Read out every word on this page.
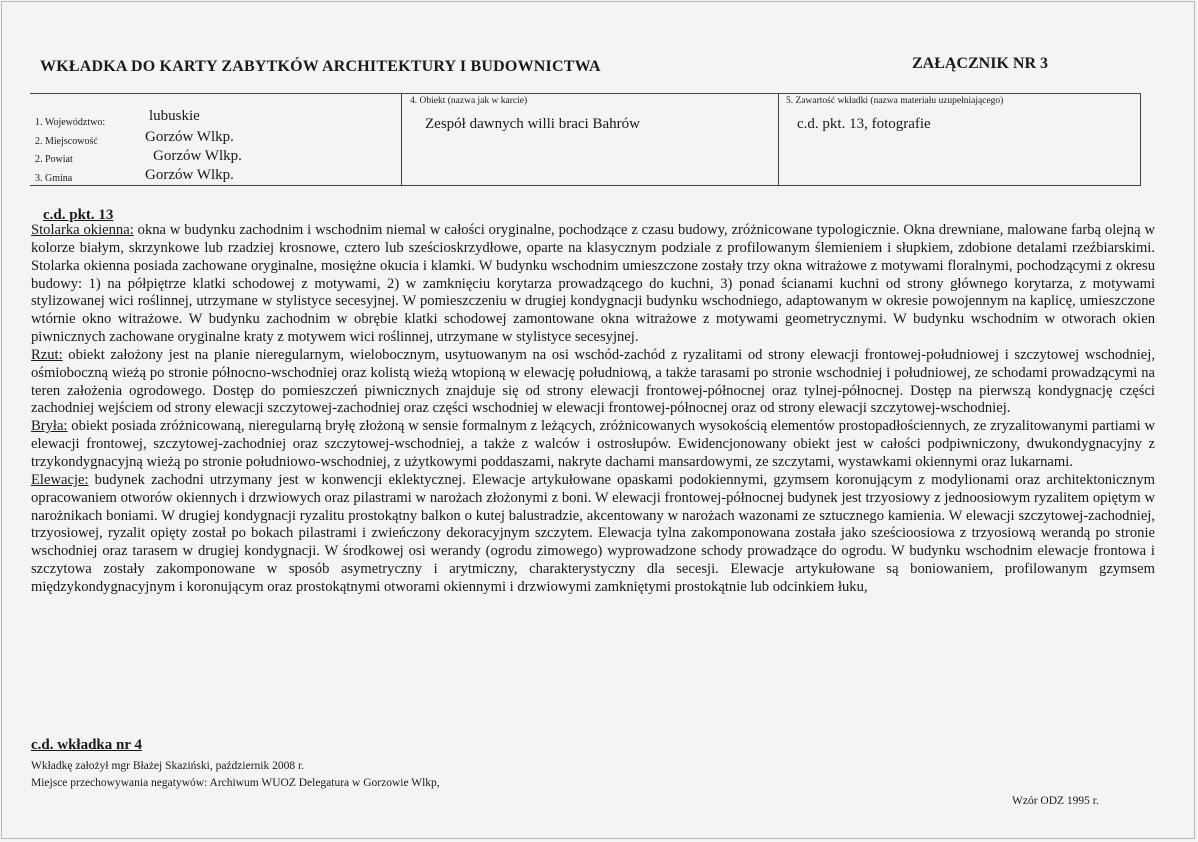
WKŁADKA DO KARTY ZABYTKÓW ARCHITEKTURY I BUDOWNICTWA	ZAŁĄCZNIK NR 3
1. Województwo:	lubuskie
2. Miejscowość	Gorzów Wlkp.
2. Powiat	Gorzów Wlkp.
3. Gmina	Gorzów Wlkp.
4. Obiekt (nazwa jak w karcie)
Zespół dawnych willi braci Bahrów
5. Zawartość wkładki (nazwa materiału uzupełniającego)
c.d. pkt. 13, fotografie
c.d. pkt. 13

Stolarka okienna: okna w budynku zachodnim i wschodnim niemal w całości oryginalne, pochodzące z czasu budowy, zróżnicowane typologicznie. Okna drewniane, malowane farbą olejną w kolorze białym, skrzynkowe lub rzadziej krosnowe, cztero lub sześcioskrzydłowe, oparte na klasycznym podziale z profilowanym ślemieniem i słupkiem, zdobione detalami rzeźbiarskimi. Stolarka okienna posiada zachowane oryginalne, mosiężne okucia i klamki. W budynku wschodnim umieszczone zostały trzy okna witrażowe z motywami floralnymi, pochodzącymi z okresu budowy: 1) na półpiętrze klatki schodowej z motywami, 2) w zamknięciu korytarza prowadzącego do kuchni, 3) ponad ścianami kuchni od strony głównego korytarza, z motywami stylizowanej wici roślinnej, utrzymane w stylistyce secesyjnej. W pomieszczeniu w drugiej kondygnacji budynku wschodniego, adaptowanym w okresie powojennym na kaplicę, umieszczone wtórnie okno witrażowe. W budynku zachodnim w obrębie klatki schodowej zamontowane okna witrażowe z motywami geometrycznymi. W budynku wschodnim w otworach okien piwnicznych zachowane oryginalne kraty z motywem wici roślinnej, utrzymane w stylistyce secesyjnej.

Rzut: obiekt założony jest na planie nieregularnym, wielobocznym, usytuowanym na osi wschód-zachód z ryzalitami od strony elewacji frontowej-południowej i szczytowej wschodniej, ośmioboczną wieżą po stronie północno-wschodniej oraz kolistą wieżą wtopioną w elewację południową, a także tarasami po stronie wschodniej i południowej, ze schodami prowadzącymi na teren założenia ogrodowego. Dostęp do pomieszczeń piwnicznych znajduje się od strony elewacji frontowej-północnej oraz tylnej-północnej. Dostęp na pierwszą kondygnację części zachodniej wejściem od strony elewacji szczytowej-zachodniej oraz części wschodniej w elewacji frontowej-północnej oraz od strony elewacji szczytowej-wschodniej.

Bryła: obiekt posiada zróżnicowaną, nieregularną bryłę złożoną w sensie formalnym z leżących, zróżnicowanych wysokością elementów prostopadłościennych, ze zryzalitowanymi partiami w elewacji frontowej, szczytowej-zachodniej oraz szczytowej-wschodniej, a także z walców i ostrosłupów. Ewidencjonowany obiekt jest w całości podpiwniczony, dwukondygnacyjny z trzykondygnacyjną wieżą po stronie południowo-wschodniej, z użytkowymi poddaszami, nakryte dachami mansardowymi, ze szczytami, wystawkami okiennymi oraz lukarnami.

Elewacje: budynek zachodni utrzymany jest w konwencji eklektycznej. Elewacje artykułowane opaskami podokiennymi, gzymsem koronującym z modylionami oraz architektonicznym opracowaniem otworów okiennych i drzwiowych oraz pilastrami w narożach złożonymi z boni. W elewacji frontowej-północnej budynek jest trzyosiowy z jednoosiowym ryzalitem opiętym w narożnikach boniami. W drugiej kondygnacji ryzalitu prostokątny balkon o kutej balustradzie, akcentowany w narożach wazonami ze sztucznego kamienia. W elewacji szczytowej-zachodniej, trzyosiowej, ryzalit opięty został po bokach pilastrami i zwieńczony dekoracyjnym szczytem. Elewacja tylna zakomponowana została jako sześcioosiowa z trzyosiową werandą po stronie wschodniej oraz tarasem w drugiej kondygnacji. W środkowej osi werandy (ogrodu zimowego) wyprowadzone schody prowadzące do ogrodu. W budynku wschodnim elewacje frontowa i szczytowa zostały zakomponowane w sposób asymetryczny i arytmiczny, charakterystyczny dla secesji. Elewacje artykułowane są boniowaniem, profilowanym gzymsem międzykondygnacyjnym i koronującym oraz prostokątnymi otworami okiennymi i drzwiowymi zamkniętymi prostokątnie lub odcinkiem łuku,

c.d. wkładka nr 4
Wkładkę założył mgr Błażej Skaziński, październik 2008 r.
Miejsce przechowywania negatywów: Archiwum WUOZ Delegatura w Gorzowie Wlkp,
Wzór ODZ 1995 r.
